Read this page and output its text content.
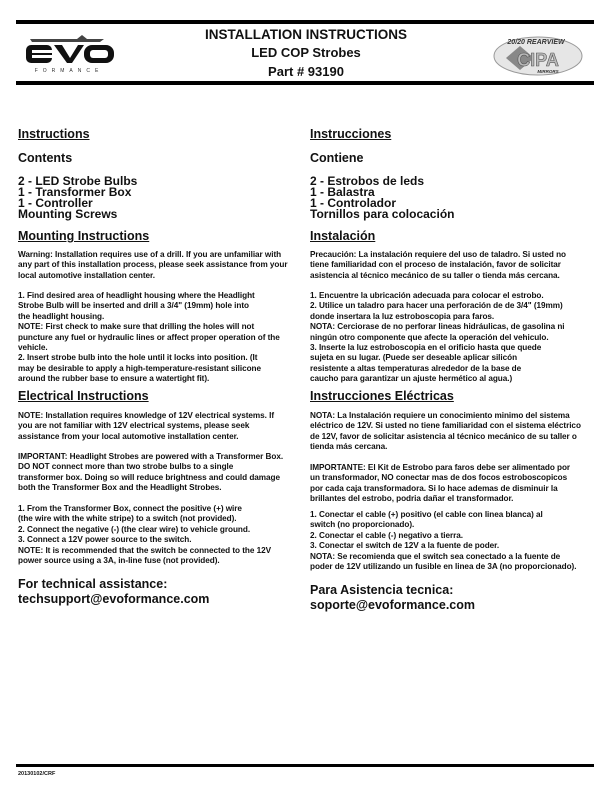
FORMANCE
INSTALLATION INSTRUCTIONS
LED COP Strobes
Part # 93190
20/20 REARVIEW
CIPA
MIRRORS
Instructions
Contents
2 - LED Strobe Bulbs
1 - Transformer Box
1 - Controller
Mounting Screws
Mounting Instructions
Warning: Installation requires use of a drill. If you are unfamiliar with
any part of this installation process, please seek assistance from your
local automotive installation center.
1. Find desired area of headlight housing where the Headlight
Strobe Bulb will be inserted and drill a 3/4" (19mm) hole into
the headlight housing.
NOTE: First check to make sure that drilling the holes will not
puncture any fuel or hydraulic lines or affect proper operation of the
vehicle.
2. Insert strobe bulb into the hole until it locks into position. (It
may be desirable to apply a high-temperature-resistant silicone
around the rubber base to ensure a watertight fit).
Electrical Instructions
NOTE: Installation requires knowledge of 12V electrical systems. If
you are not familiar with 12V electrical systems, please seek
assistance from your local automotive installation center.
IMPORTANT: Headlight Strobes are powered with a Transformer Box.
DO NOT connect more than two strobe bulbs to a single
transformer box. Doing so will reduce brightness and could damage
both the Transformer Box and the Headlight Strobes.
1. From the Transformer Box, connect the positive (+) wire
(the wire with the white stripe) to a switch (not provided).
2. Connect the negative (-) (the clear wire) to vehicle ground.
3. Connect a 12V power source to the switch.
NOTE: It is recommended that the switch be connected to the 12V
power source using a 3A, in-line fuse (not provided).
For technical assistance:
techsupport@evoformance.com
Instrucciones
Contiene
2 - Estrobos de leds
1 - Balastra
1 - Controlador
Tornillos para colocación
Instalación
Precaución: La instalación requiere del uso de taladro. Si usted no
tiene familiaridad con el proceso de instalación, favor de solicitar
asistencia al técnico mecánico de su taller o tienda más cercana.
1. Encuentre la ubricación adecuada para colocar el estrobo.
2. Utilice un taladro para hacer una perforación de de 3/4" (19mm)
donde insertara la luz estroboscopia para faros.
NOTA: Cerciorase de no perforar lineas hidráulicas, de gasolina ni
ningún otro componente que afecte la operación del vehiculo.
3. Inserte la luz estroboscopia en el orificio hasta que quede
sujeta en su lugar. (Puede ser deseable aplicar silicón
resistente a altas temperaturas alrededor de la base de
caucho para garantizar un ajuste hermético al agua.)
Instrucciones Eléctricas
NOTA: La Instalación requiere un conocimiento minimo del sistema
eléctrico de 12V. Si usted no tiene familiaridad con el sistema eléctrico
de 12V, favor de solicitar asistencia al técnico mecánico de su taller o
tienda más cercana.
IMPORTANTE: El Kit de Estrobo para faros debe ser alimentado por
un transformador, NO conectar mas de dos focos estroboscopicos
por cada caja transformadora. Si lo hace ademas de disminuir la
brillantes del estrobo, podria dañar el transformador.
1. Conectar el cable (+) positivo (el cable con linea blanca) al
switch (no proporcionado).
2. Conectar el cable (-) negativo a tierra.
3. Conectar el switch de 12V a la fuente de poder.
NOTA: Se recomienda que el switch sea conectado a la fuente de
poder de 12V utilizando un fusible en linea de 3A (no proporcionado).
Para Asistencia tecnica:
soporte@evoformance.com
20130102/CRF
